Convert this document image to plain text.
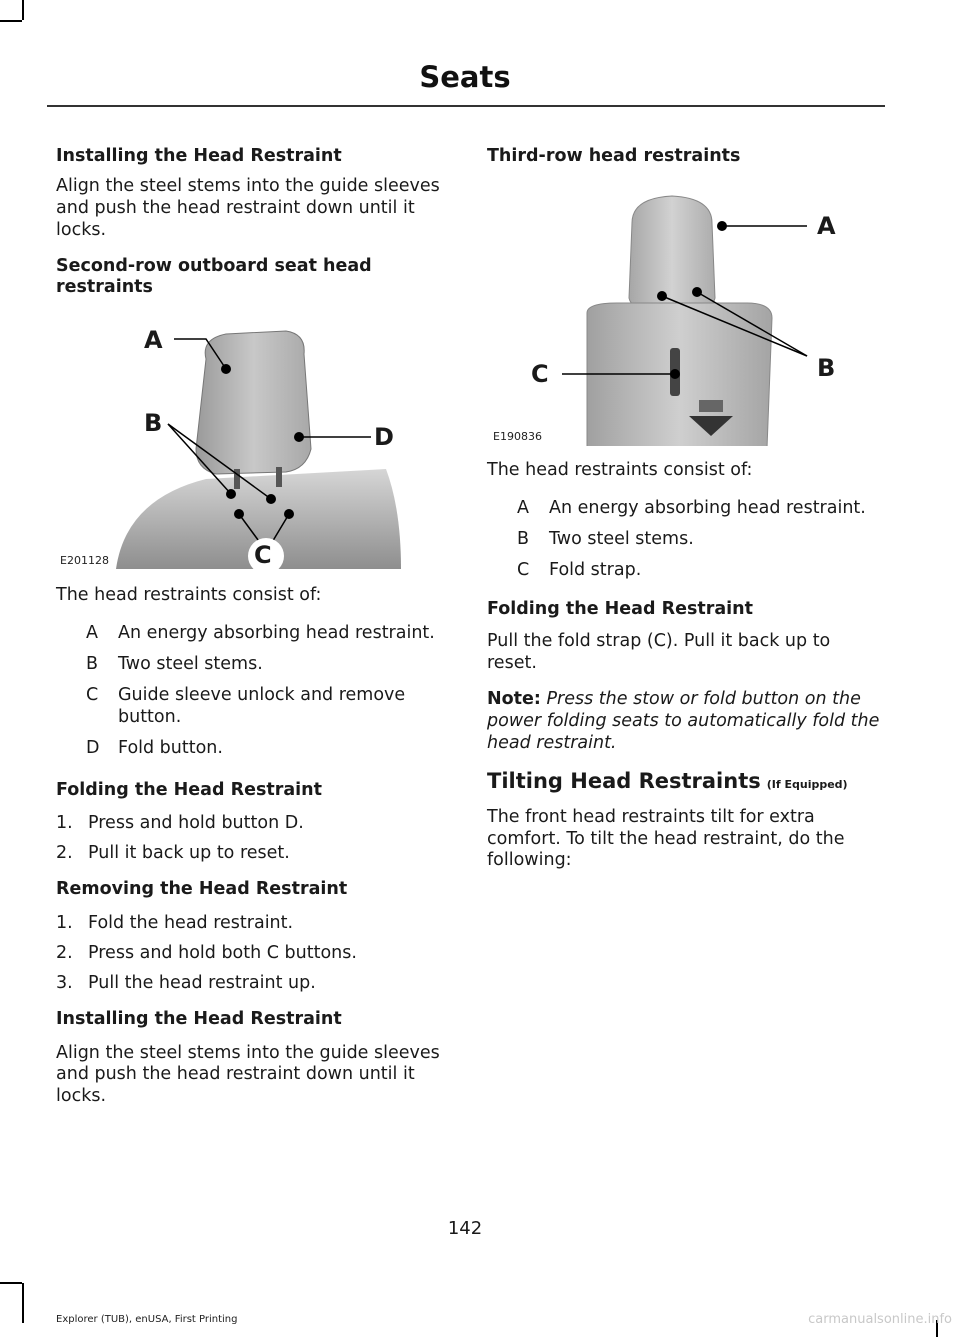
Seats
Installing the Head Restraint
Align the steel stems into the guide sleeves and push the head restraint down until it locks.
Second-row outboard seat head restraints
A
B	D
C
E201128
The head restraints consist of:
A	An energy absorbing head restraint.
B	Two steel stems.
C	Guide sleeve unlock and remove button.
D	Fold button.
Folding the Head Restraint
1. Press and hold button D.
2. Pull it back up to reset.
Removing the Head Restraint
1. Fold the head restraint.
2. Press and hold both C buttons.
3. Pull the head restraint up.
Installing the Head Restraint
Align the steel stems into the guide sleeves and push the head restraint down until it locks.
Third-row head restraints
A
B
C
E190836
The head restraints consist of:
A	An energy absorbing head restraint.
B	Two steel stems.
C	Fold strap.
Folding the Head Restraint
Pull the fold strap (C). Pull it back up to reset.
Note: Press the stow or fold button on the power folding seats to automatically fold the head restraint.
Tilting Head Restraints (If Equipped)
The front head restraints tilt for extra comfort. To tilt the head restraint, do the following:
142
Explorer (TUB), enUSA, First Printing	carmanualsonline.info
